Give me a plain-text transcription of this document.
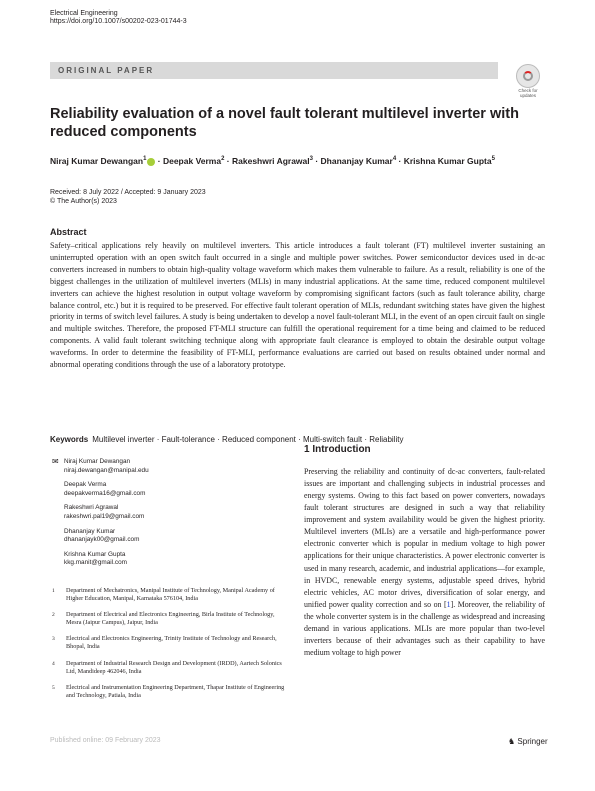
Electrical Engineering
https://doi.org/10.1007/s00202-023-01744-3
ORIGINAL PAPER
Check for updates
Reliability evaluation of a novel fault tolerant multilevel inverter with reduced components
Niraj Kumar Dewangan$^1$ · Deepak Verma$^2$ · Rakeshwri Agrawal$^3$ · Dhananjay Kumar$^4$ · Krishna Kumar Gupta$^5$
Received: 8 July 2022 / Accepted: 9 January 2023
© The Author(s) 2023
Abstract
Safety–critical applications rely heavily on multilevel inverters. This article introduces a fault tolerant (FT) multilevel inverter sustaining an uninterrupted operation with an open switch fault occurred in a single and multiple power switches. Power semiconductor devices used in dc-ac converters increased in numbers to obtain high-quality voltage waveform which makes them vulnerable to failure. As a result, reliability is one of the biggest challenges in the utilization of multilevel inverters (MLIs) in many industrial applications. At the same time, reduced component multilevel inverters can achieve the highest resolution in output voltage waveform by compromising significant factors (such as fault tolerance ability, charge balance control, etc.) but it is required to be preserved. For effective fault tolerant operation of MLIs, redundant switching states have given the highest priority in terms of switch level failures. A study is being undertaken to develop a novel fault-tolerant MLI, in the event of an open circuit fault on single and multiple switches. Therefore, the proposed FT-MLI structure can fulfill the operational requirement for a time being and claimed to be reduced components. A valid fault tolerant switching technique along with appropriate fault clearance is employed to obtain the desirable output voltage waveforms. In order to determine the feasibility of FT-MLI, performance evaluations are carried out based on results obtained under normal and abnormal operating conditions through the use of a laboratory prototype.
Keywords Multilevel inverter · Fault-tolerance · Reduced component · Multi-switch fault · Reliability
✉ Niraj Kumar Dewangan
niraj.dewangan@manipal.edu
Deepak Verma
deepakverma16@gmail.com
Rakeshwri Agrawal
rakeshwri.pal19@gmail.com
Dhananjay Kumar
dhananjayk00@gmail.com
Krishna Kumar Gupta
kkg.manit@gmail.com
1 Department of Mechatronics, Manipal Institute of Technology, Manipal Academy of Higher Education, Manipal, Karnataka 576104, India
2 Department of Electrical and Electronics Engineering, Birla Institute of Technology, Mesra (Jaipur Campus), Jaipur, India
3 Electrical and Electronics Engineering, Trinity Institute of Technology and Research, Bhopal, India
4 Department of Industrial Research Design and Development (IRDD), Aartech Solonics Ltd, Mandideep 462046, India
5 Electrical and Instrumentation Engineering Department, Thapar Institute of Engineering and Technology, Patiala, India
1 Introduction
Preserving the reliability and continuity of dc-ac converters, fault-related issues are important and challenging subjects in industrial processes and energy systems. Owing to this fact based on power converters, nowadays fault tolerant structures are designed in such a way that reliability improvement and system availability would be given the highest priority. Multilevel inverters (MLIs) are a versatile and high-performance power electronic converter which is popular in medium voltage to high power applications for their unique characteristics. A power electronic converter is used in many research, academic, and industrial applications—for example, in HVDC, renewable energy systems, adjustable speed drives, hybrid electric vehicles, AC motor drives, diversification of solar energy, and unified power quality correction and so on [1]. Moreover, the reliability of the whole converter system is in the challenge as widespread and increasing demand in various applications. MLIs are more popular than two-level inverters because of their advantages such as their capability to have medium voltage to high power
Published online: 09 February 2023	♞ Springer
